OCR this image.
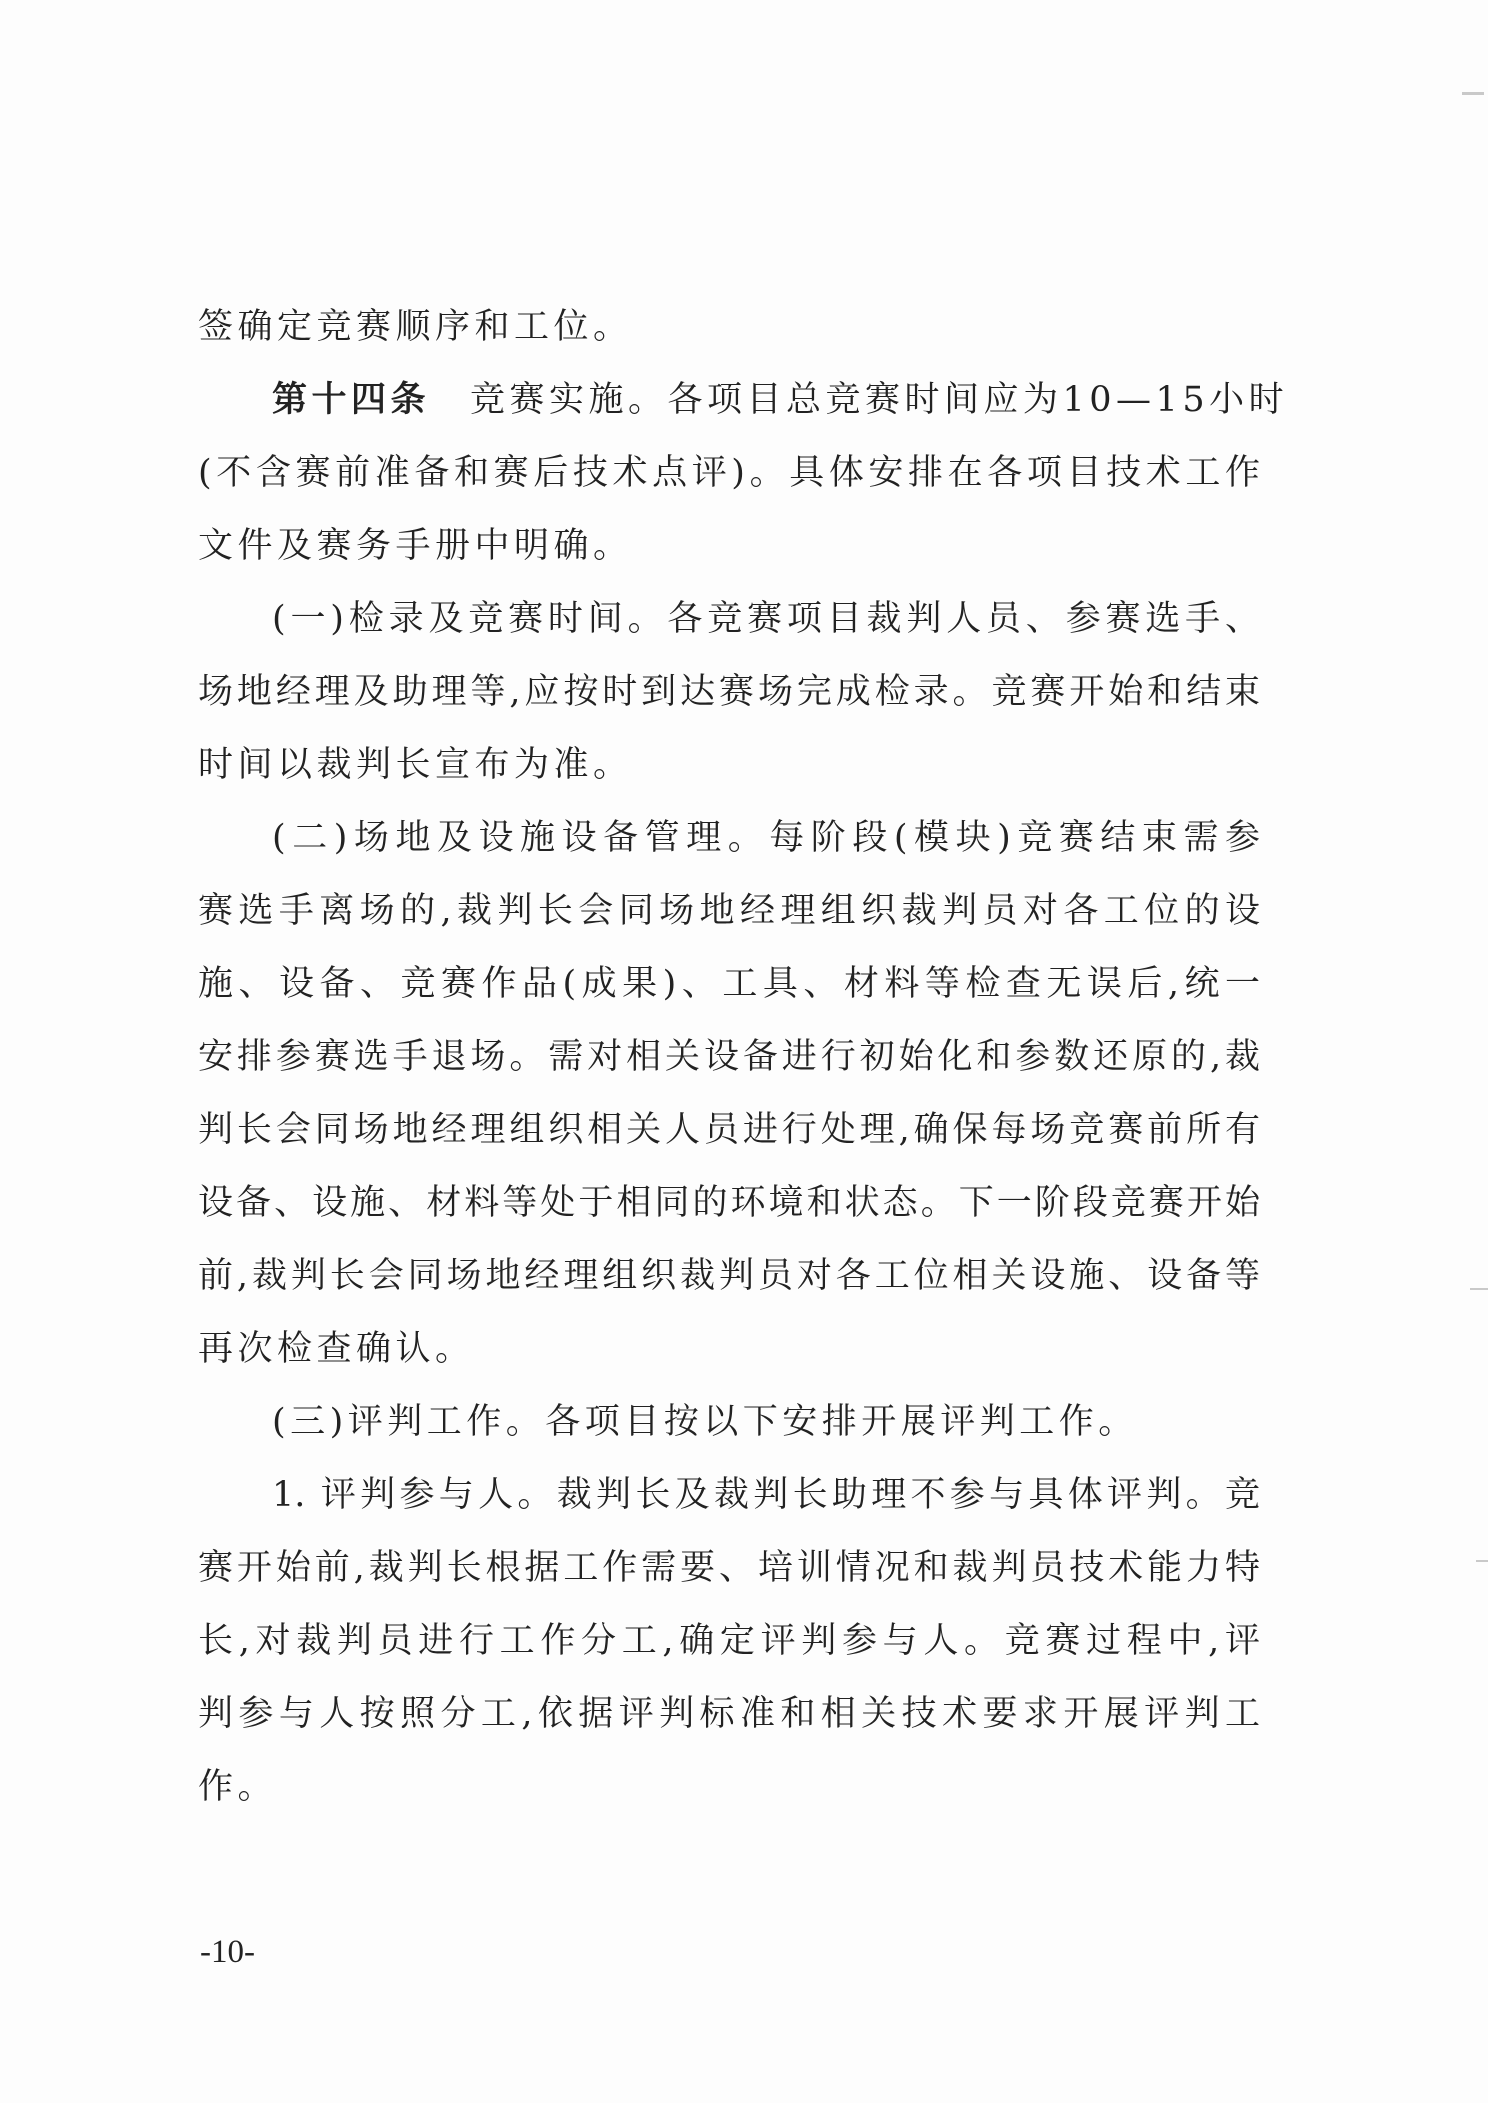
签确定竞赛顺序和工位。
第十四条 竞赛实施。各项目总竞赛时间应为10—15小时
(不含赛前准备和赛后技术点评)。具体安排在各项目技术工作
文件及赛务手册中明确。
(一)检录及竞赛时间。各竞赛项目裁判人员、参赛选手、
场地经理及助理等,应按时到达赛场完成检录。竞赛开始和结束
时间以裁判长宣布为准。
(二)场地及设施设备管理。每阶段(模块)竞赛结束需参
赛选手离场的,裁判长会同场地经理组织裁判员对各工位的设
施、设备、竞赛作品(成果)、工具、材料等检查无误后,统一
安排参赛选手退场。需对相关设备进行初始化和参数还原的,裁
判长会同场地经理组织相关人员进行处理,确保每场竞赛前所有
设备、设施、材料等处于相同的环境和状态。下一阶段竞赛开始
前,裁判长会同场地经理组织裁判员对各工位相关设施、设备等
再次检查确认。
(三)评判工作。各项目按以下安排开展评判工作。
1. 评判参与人。裁判长及裁判长助理不参与具体评判。竞
赛开始前,裁判长根据工作需要、培训情况和裁判员技术能力特
长,对裁判员进行工作分工,确定评判参与人。竞赛过程中,评
判参与人按照分工,依据评判标准和相关技术要求开展评判工
作。
-10-
